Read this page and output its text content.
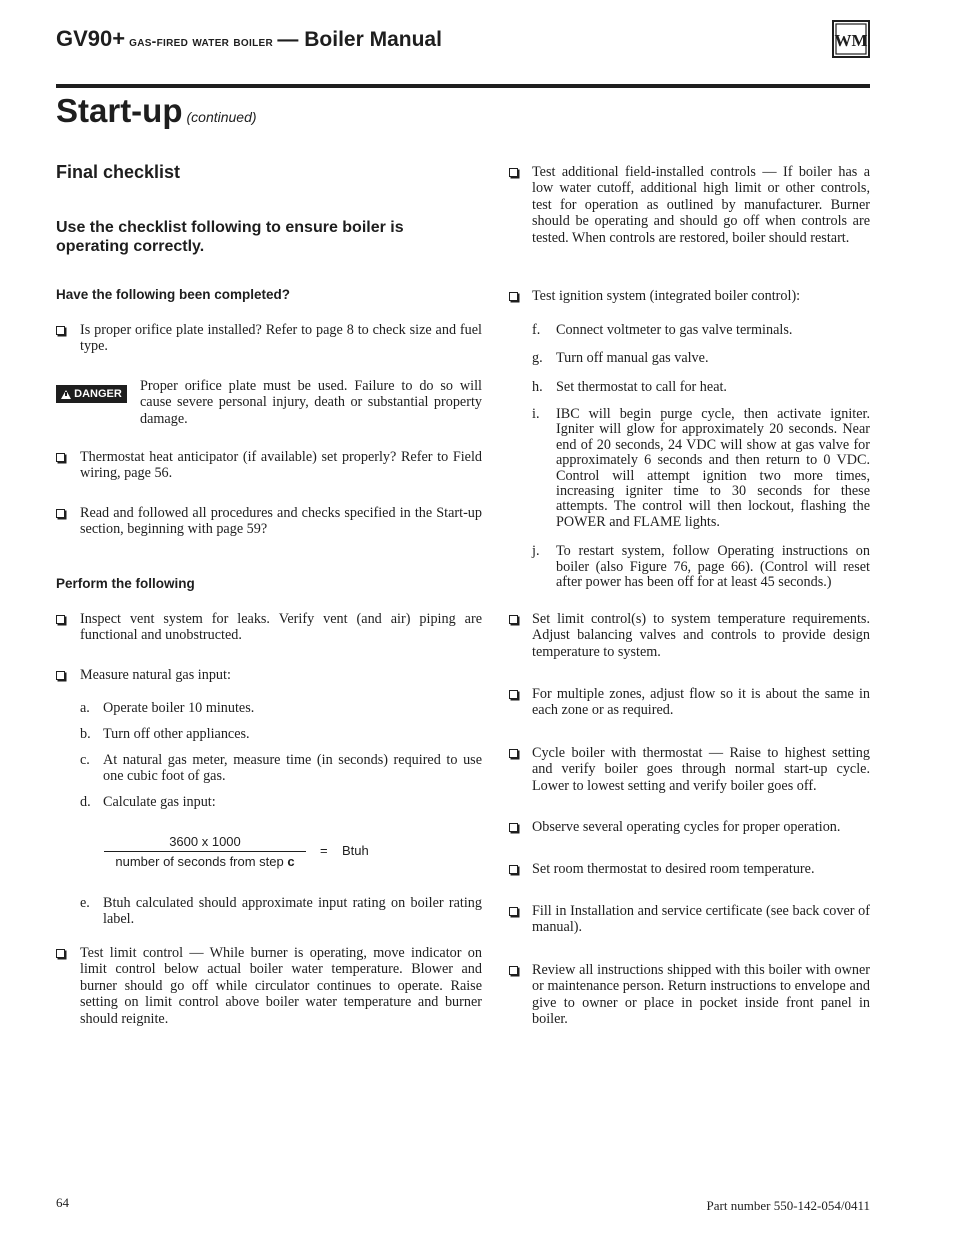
GV90+ gas-fired water boiler — Boiler Manual	WM
Start-up (continued)
Final checklist
Use the checklist following to ensure boiler is operating correctly.
Have the following been completed?
Is proper orifice plate installed? Refer to page 8 to check size and fuel type.
DANGER Proper orifice plate must be used. Failure to do so will cause severe personal injury, death or substantial property damage.
Thermostat heat anticipator (if available) set properly? Refer to Field wiring, page 56.
Read and followed all procedures and checks specified in the Start-up section, beginning with page 59?
Perform the following
Inspect vent system for leaks. Verify vent (and air) piping are functional and unobstructed.
Measure natural gas input:
a. Operate boiler 10 minutes.
b. Turn off other appliances.
c. At natural gas meter, measure time (in seconds) required to use one cubic foot of gas.
d. Calculate gas input:
3600 x 1000
number of seconds from step c
= Btuh
e. Btuh calculated should approximate input rating on boiler rating label.
Test limit control — While burner is operating, move indicator on limit control below actual boiler water temperature. Blower and burner should go off while circulator continues to operate. Raise setting on limit control above boiler water temperature and burner should reignite.
Test additional field-installed controls — If boiler has a low water cutoff, additional high limit or other controls, test for operation as outlined by manufacturer. Burner should be operating and should go off when controls are tested. When controls are restored, boiler should restart.
Test ignition system (integrated boiler control):
f. Connect voltmeter to gas valve terminals.
g. Turn off manual gas valve.
h. Set thermostat to call for heat.
i. IBC will begin purge cycle, then activate igniter. Igniter will glow for approximately 20 seconds. Near end of 20 seconds, 24 VDC will show at gas valve for approximately 6 seconds and then return to 0 VDC. Control will attempt ignition two more times, increasing igniter time to 30 seconds for these attempts. The control will then lockout, flashing the POWER and FLAME lights.
j. To restart system, follow Operating instructions on boiler (also Figure 76, page 66). (Control will reset after power has been off for at least 45 seconds.)
Set limit control(s) to system temperature requirements. Adjust balancing valves and controls to provide design temperature to system.
For multiple zones, adjust flow so it is about the same in each zone or as required.
Cycle boiler with thermostat — Raise to highest setting and verify boiler goes through normal start-up cycle. Lower to lowest setting and verify boiler goes off.
Observe several operating cycles for proper operation.
Set room thermostat to desired room temperature.
Fill in Installation and service certificate (see back cover of manual).
Review all instructions shipped with this boiler with owner or maintenance person. Return instructions to envelope and give to owner or place in pocket inside front panel in boiler.
64	Part number 550-142-054/0411
